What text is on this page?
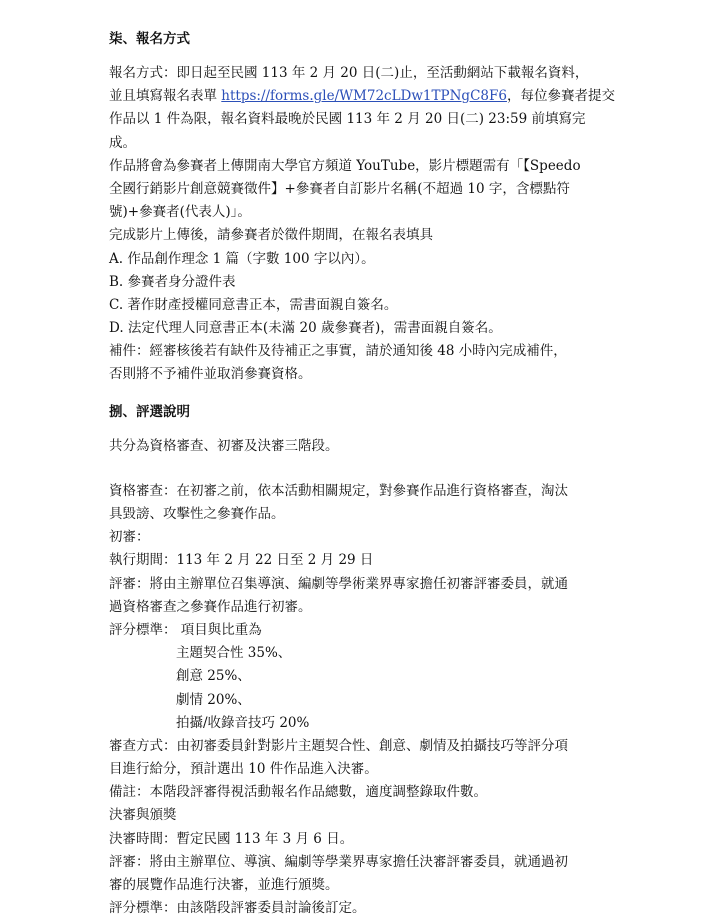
柒、報名方式
報名方式：即日起至民國 113 年 2 月 20 日(二)止，至活動網站下載報名資料，
並且填寫報名表單 https://forms.gle/WM72cLDw1TPNgC8F6，每位參賽者提交
作品以 1 件為限，報名資料最晚於民國 113 年 2 月 20 日(二) 23:59 前填寫完
成。
作品將會為參賽者上傳開南大學官方頻道 YouTube，影片標題需有「【Speedo
全國行銷影片創意競賽徵件】+參賽者自訂影片名稱(不超過 10 字，含標點符
號)+參賽者(代表人)」。
完成影片上傳後，請參賽者於徵件期間，在報名表填具
A. 作品創作理念 1 篇（字數 100 字以內）。
B. 參賽者身分證件表
C. 著作財產授權同意書正本，需書面親自簽名。
D. 法定代理人同意書正本(未滿 20 歲參賽者)，需書面親自簽名。
補件：經審核後若有缺件及待補正之事實，請於通知後 48 小時內完成補件，
否則將不予補件並取消參賽資格。
捌、評選說明
共分為資格審查、初審及決審三階段。
資格審查：在初審之前，依本活動相關規定，對參賽作品進行資格審查，淘汰
具毀謗、攻擊性之參賽作品。
初審：
執行期間：113 年 2 月 22 日至 2 月 29 日
評審：將由主辦單位召集導演、編劇等學術業界專家擔任初審評審委員，就通
過資格審查之參賽作品進行初審。
評分標準： 項目與比重為
主題契合性 35%、
創意 25%、
劇情 20%、
拍攝/收錄音技巧 20%
審查方式：由初審委員針對影片主題契合性、創意、劇情及拍攝技巧等評分項
目進行給分，預計選出 10 件作品進入決審。
備註：本階段評審得視活動報名作品總數，適度調整錄取件數。
決審與頒獎
決審時間：暫定民國 113 年 3 月 6 日。
評審：將由主辦單位、導演、編劇等學業界專家擔任決審評審委員，就通過初
審的展覽作品進行決審，並進行頒獎。
評分標準：由該階段評審委員討論後訂定。
